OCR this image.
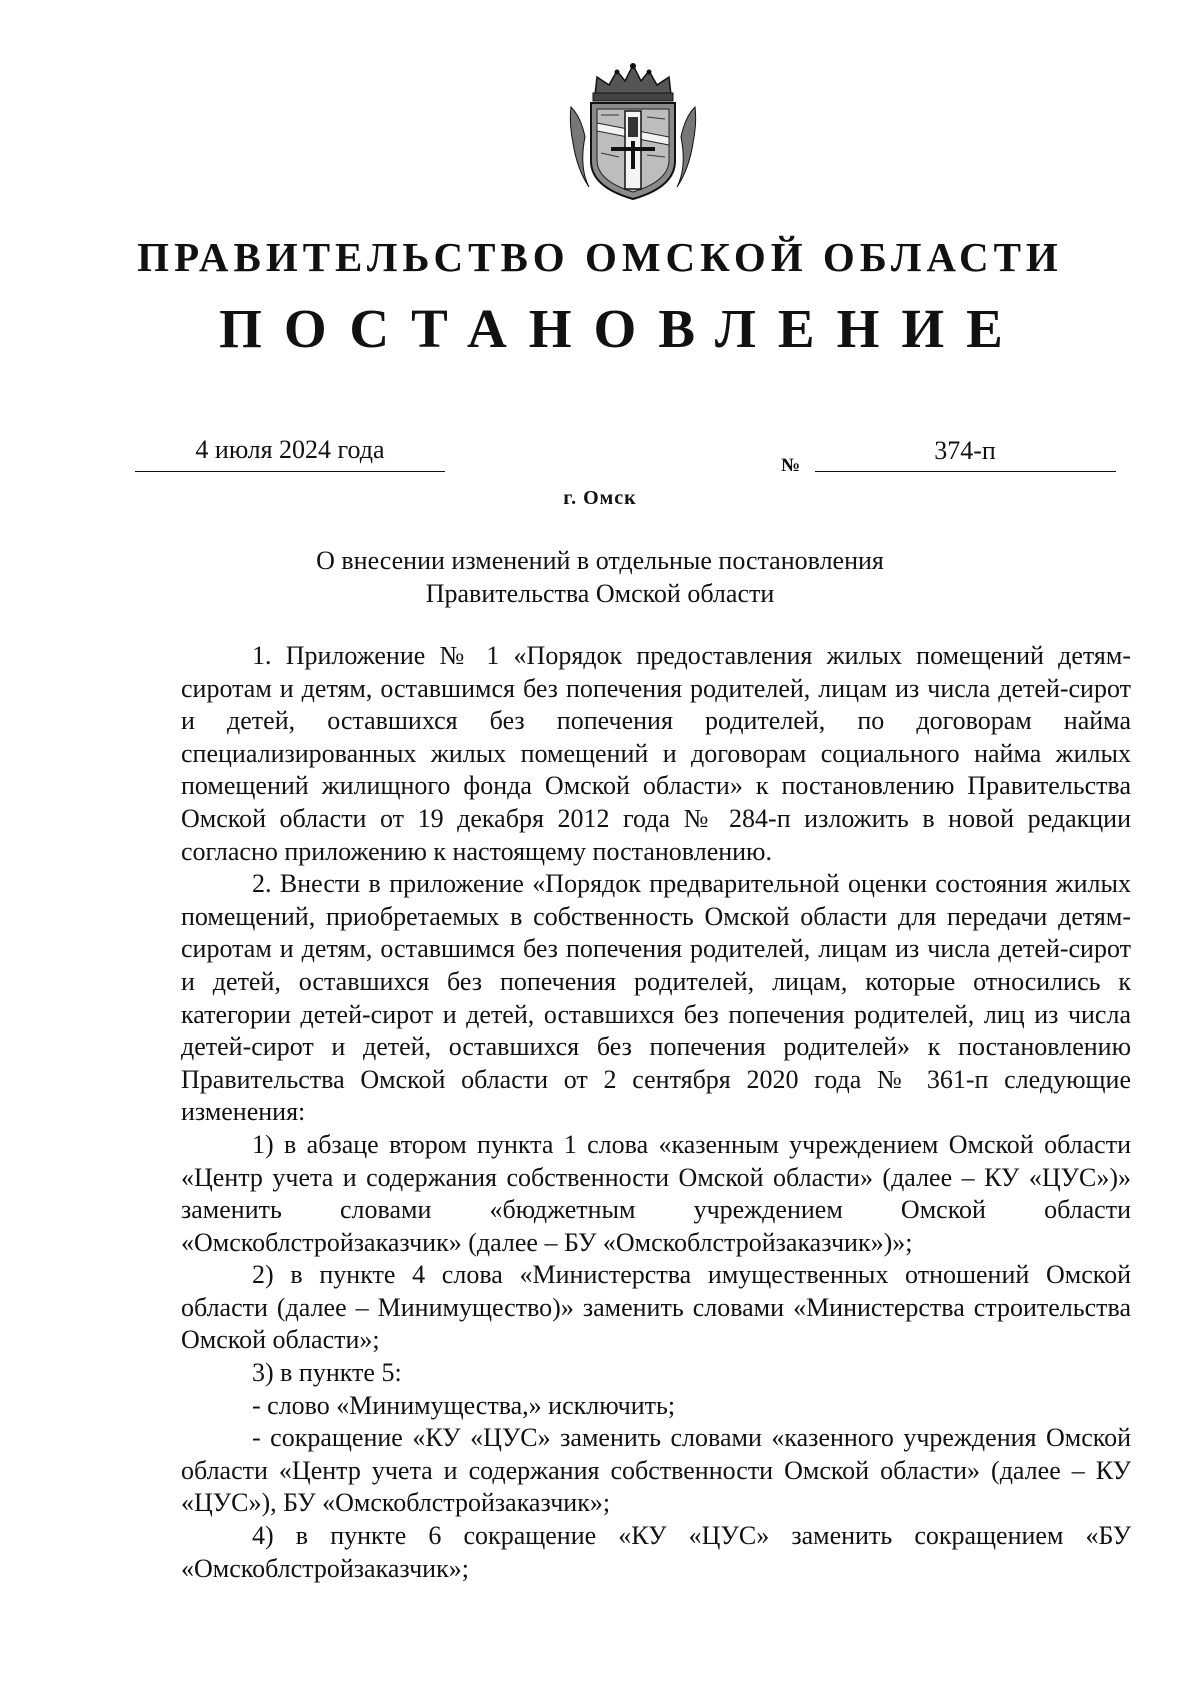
ПРАВИТЕЛЬСТВО ОМСКОЙ ОБЛАСТИ
ПОСТАНОВЛЕНИЕ
4 июля 2024 года
№
374-п
г. Омск
О внесении изменений в отдельные постановления
Правительства Омской области

1. Приложение № 1 «Порядок предоставления жилых помещений детям-сиротам и детям, оставшимся без попечения родителей, лицам из числа детей-сирот и детей, оставшихся без попечения родителей, по договорам найма специализированных жилых помещений и договорам социального найма жилых помещений жилищного фонда Омской области» к постановлению Правительства Омской области от 19 декабря 2012 года № 284-п изложить в новой редакции согласно приложению к настоящему постановлению.

2. Внести в приложение «Порядок предварительной оценки состояния жилых помещений, приобретаемых в собственность Омской области для передачи детям-сиротам и детям, оставшимся без попечения родителей, лицам из числа детей-сирот и детей, оставшихся без попечения родителей, лицам, которые относились к категории детей-сирот и детей, оставшихся без попечения родителей, лиц из числа детей-сирот и детей, оставшихся без попечения родителей» к постановлению Правительства Омской области от 2 сентября 2020 года № 361-п следующие изменения:

1) в абзаце втором пункта 1 слова «казенным учреждением Омской области «Центр учета и содержания собственности Омской области» (далее – КУ «ЦУС»)» заменить словами «бюджетным учреждением Омской области «Омскоблстройзаказчик» (далее – БУ «Омскоблстройзаказчик»)»;

2) в пункте 4 слова «Министерства имущественных отношений Омской области (далее – Минимущество)» заменить словами «Министерства строительства Омской области»;

3) в пункте 5:

- слово «Минимущества,» исключить;

- сокращение «КУ «ЦУС» заменить словами «казенного учреждения Омской области «Центр учета и содержания собственности Омской области» (далее – КУ «ЦУС»), БУ «Омскоблстройзаказчик»;

4) в пункте 6 сокращение «КУ «ЦУС» заменить сокращением «БУ «Омскоблстройзаказчик»;
